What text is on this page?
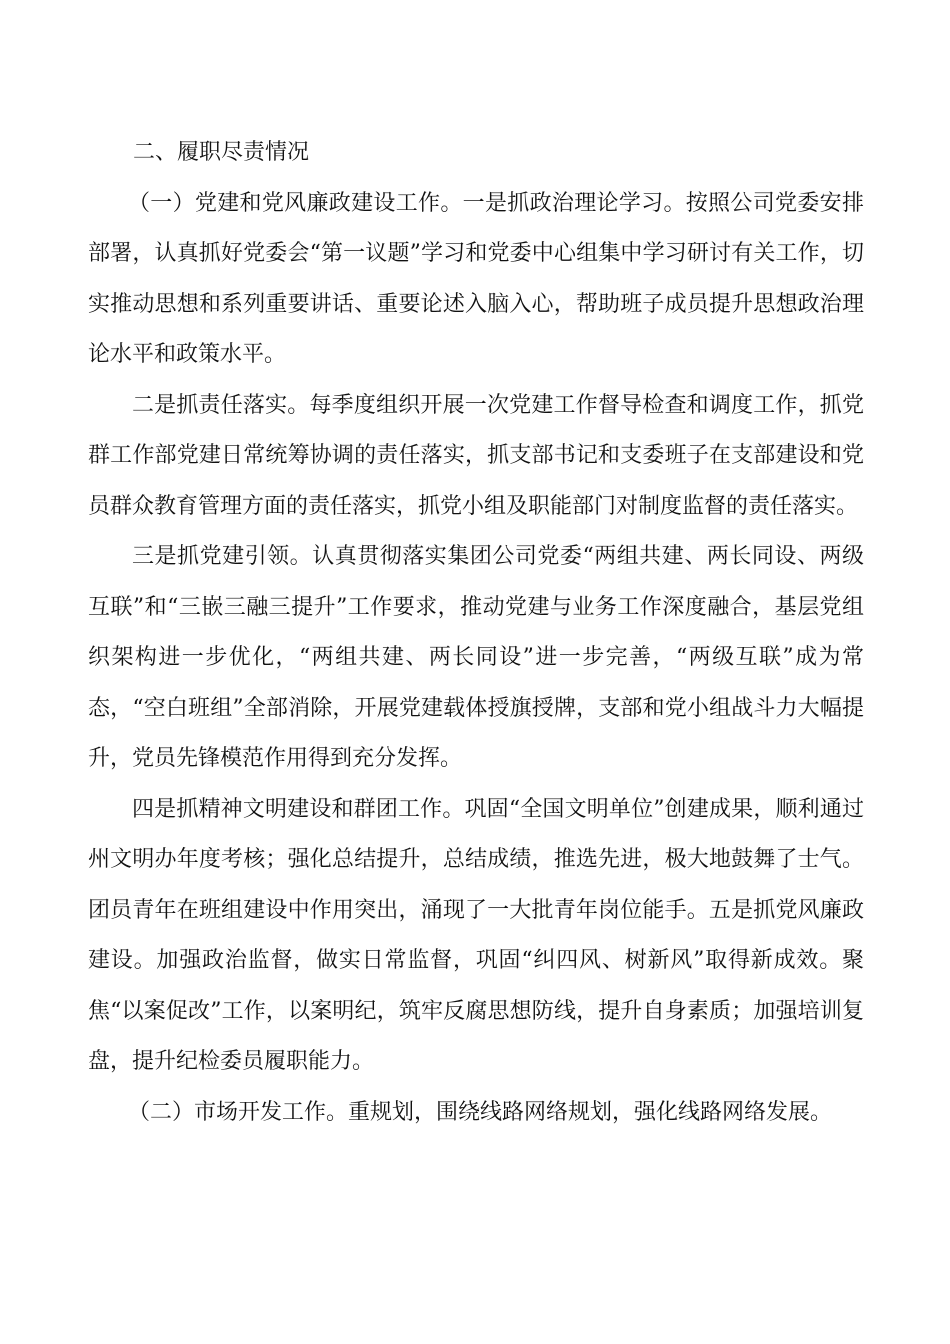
二、履职尽责情况

（一）党建和党风廉政建设工作。一是抓政治理论学习。按照公司党委安排部署，认真抓好党委会“第一议题”学习和党委中心组集中学习研讨有关工作，切实推动思想和系列重要讲话、重要论述入脑入心，帮助班子成员提升思想政治理论水平和政策水平。

二是抓责任落实。每季度组织开展一次党建工作督导检查和调度工作，抓党群工作部党建日常统筹协调的责任落实，抓支部书记和支委班子在支部建设和党员群众教育管理方面的责任落实，抓党小组及职能部门对制度监督的责任落实。

三是抓党建引领。认真贯彻落实集团公司党委“两组共建、两长同设、两级互联”和“三嵌三融三提升”工作要求，推动党建与业务工作深度融合，基层党组织架构进一步优化，“两组共建、两长同设”进一步完善，“两级互联”成为常态，“空白班组”全部消除，开展党建载体授旗授牌，支部和党小组战斗力大幅提升，党员先锋模范作用得到充分发挥。

四是抓精神文明建设和群团工作。巩固“全国文明单位”创建成果，顺利通过州文明办年度考核；强化总结提升，总结成绩，推选先进，极大地鼓舞了士气。团员青年在班组建设中作用突出，涌现了一大批青年岗位能手。五是抓党风廉政建设。加强政治监督，做实日常监督，巩固“纠四风、树新风”取得新成效。聚焦“以案促改”工作，以案明纪，筑牢反腐思想防线，提升自身素质；加强培训复盘，提升纪检委员履职能力。

（二）市场开发工作。重规划，围绕线路网络规划，强化线路网络发展。
